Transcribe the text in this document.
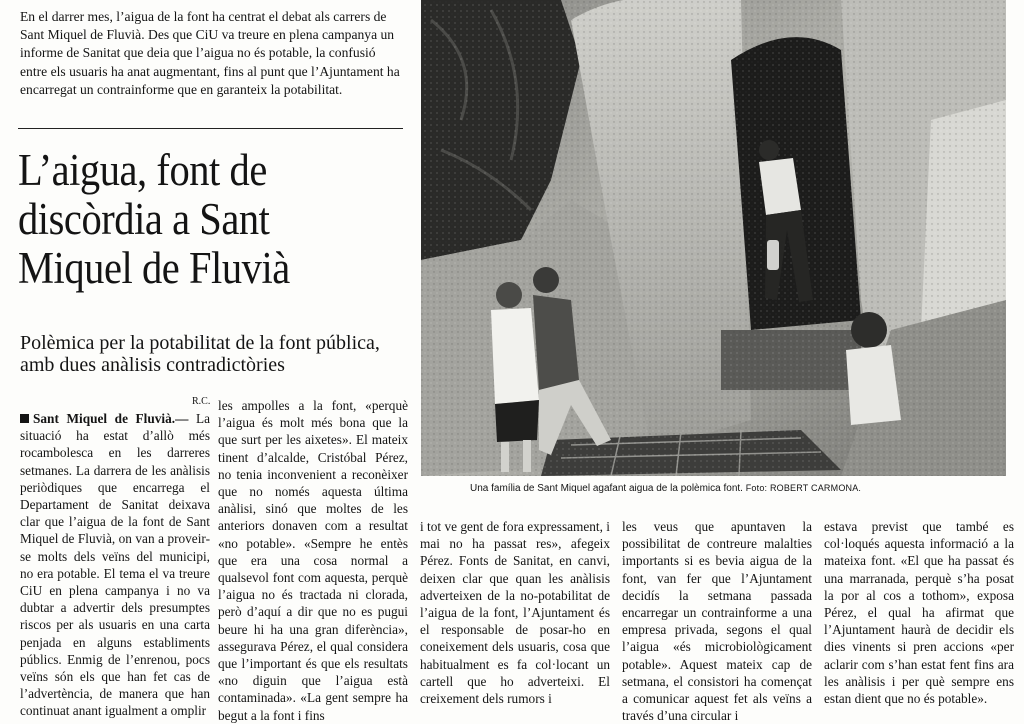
En el darrer mes, l’aigua de la font ha centrat el debat als carrers de Sant Miquel de Fluvià. Des que CiU va treure en plena campanya un informe de Sanitat que deia que l’aigua no és potable, la confusió entre els usuaris ha anat augmentant, fins al punt que l’Ajuntament ha encarregat un contrainforme que en garanteix la potabilitat.

L’aigua, font de discòrdia a Sant Miquel de Fluvià
Polèmica per la potabilitat de la font pública, amb dues anàlisis contradictòries
R.C.

Sant Miquel de Fluvià.— La situació ha estat d’allò més rocambolesca en les darreres setmanes. La darrera de les anàlisis periòdiques que encarrega el Departament de Sanitat deixava clar que l’aigua de la font de Sant Miquel de Fluvià, on van a proveir-se molts dels veïns del municipi, no era potable. El tema el va treure CiU en plena campanya i no va dubtar a advertir dels presumptes riscos per als usuaris en una carta penjada en alguns establiments públics. Enmig de l’enrenou, pocs veïns són els que han fet cas de l’advertència, de manera que han continuat anant igualment a omplir

les ampolles a la font, «perquè l’aigua és molt més bona que la que surt per les aixetes». El mateix tinent d’alcalde, Cristóbal Pérez, no tenia inconvenient a reconèixer que no només aquesta última anàlisi, sinó que moltes de les anteriors donaven com a resultat «no potable». «Sempre he entès que era una cosa normal a qualsevol font com aquesta, perquè l’aigua no és tractada ni clorada, però d’aquí a dir que no es pugui beure hi ha una gran diferència», assegurava Pérez, el qual considera que l’important és que els resultats «no diguin que l’aigua està contaminada». «La gent sempre ha begut a la font i fins

i tot ve gent de fora expressament, i mai no ha passat res», afegeix Pérez. Fonts de Sanitat, en canvi, deixen clar que quan les anàlisis adverteixen de la no-potabilitat de l’aigua de la font, l’Ajuntament és el responsable de posar-ho en coneixement dels usuaris, cosa que habitualment es fa col·locant un cartell que ho adverteixi. El creixement dels rumors i

les veus que apuntaven la possibilitat de contreure malalties importants si es bevia aigua de la font, van fer que l’Ajuntament decidís la setmana passada encarregar un contrainforme a una empresa privada, segons el qual l’aigua «és microbiològicament potable». Aquest mateix cap de setmana, el consistori ha començat a comunicar aquest fet als veïns a través d’una circular i

estava previst que també es col·loqués aquesta informació a la mateixa font. «El que ha passat és una marranada, perquè s’ha posat la por al cos a tothom», exposa Pérez, el qual ha afirmat que l’Ajuntament haurà de decidir els dies vinents si pren accions «per aclarir com s’han estat fent fins ara les anàlisis i per què sempre ens estan dient que no és potable».

Una família de Sant Miquel agafant aigua de la polèmica font. Foto: ROBERT CARMONA.
